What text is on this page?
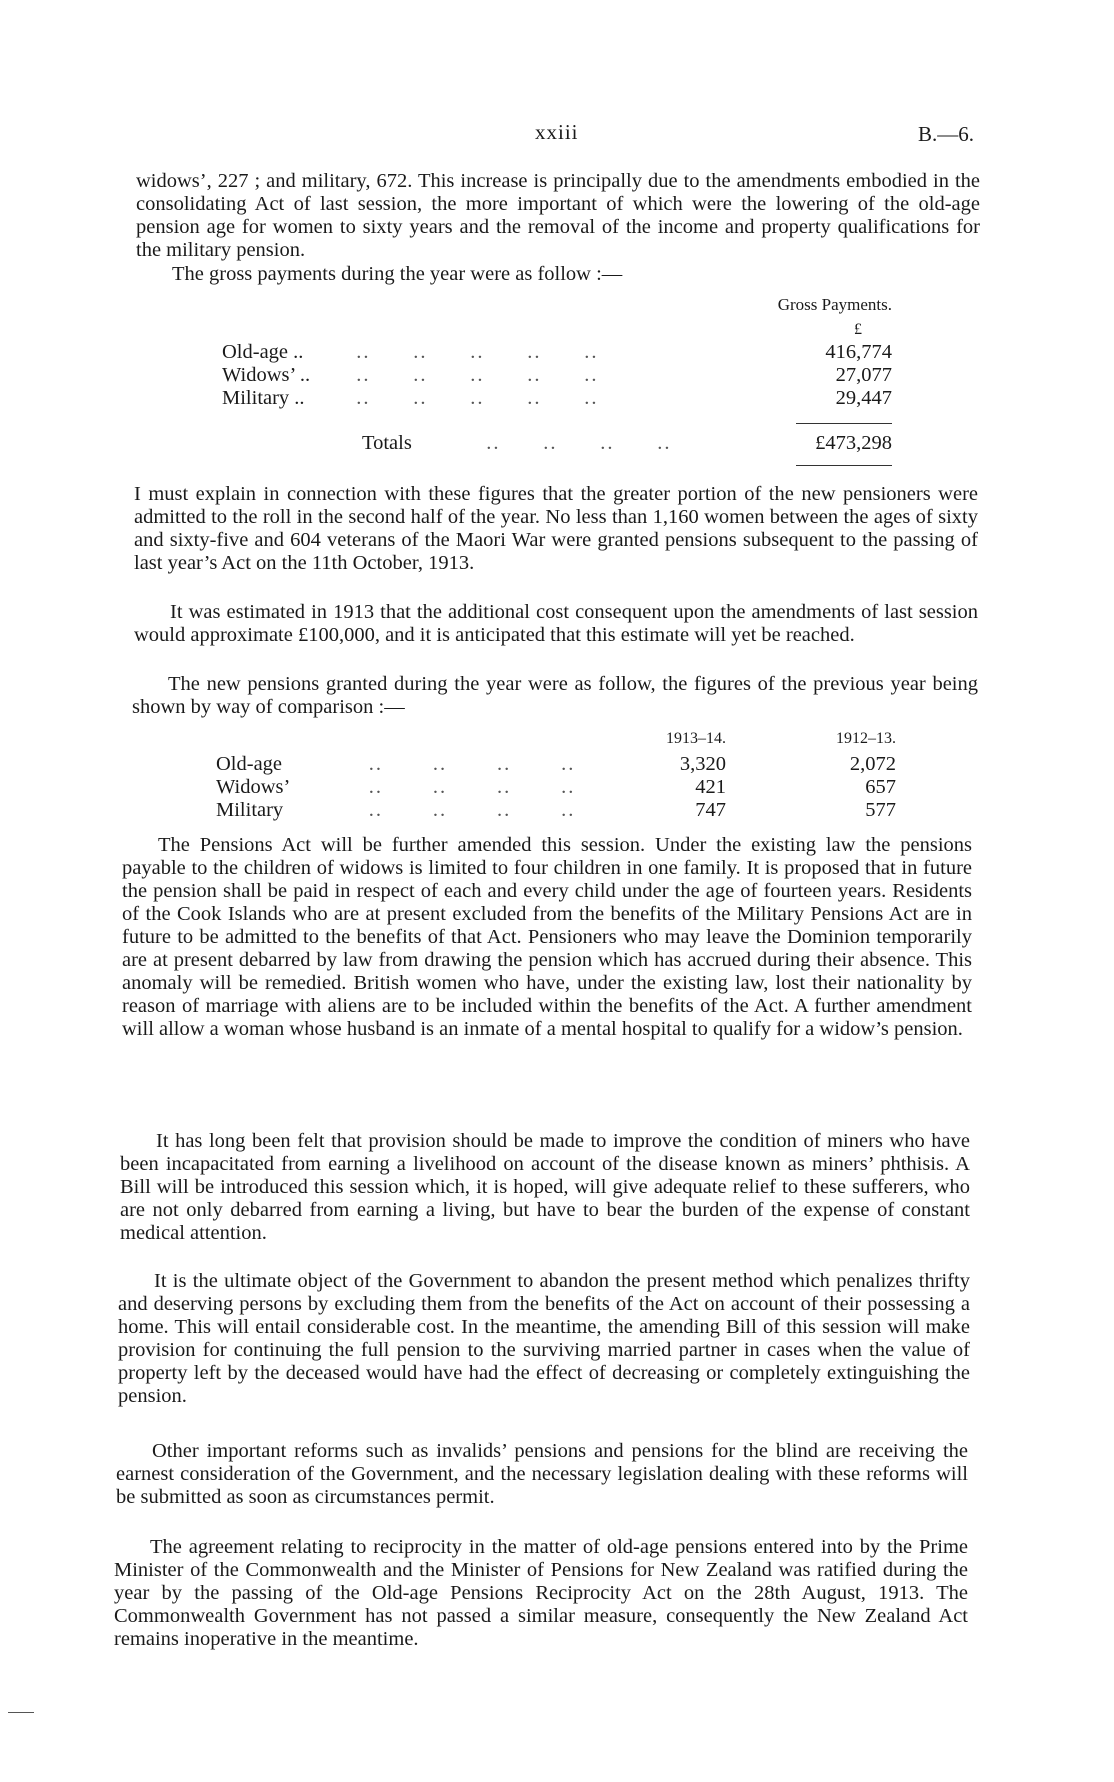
xxiii	B.—6.

widows’, 227 ; and military, 672. This increase is principally due to the amendments embodied in the consolidating Act of last session, the more important of which were the lowering of the old-age pension age for women to sixty years and the removal of the income and property qualifications for the military pension.

The gross payments during the year were as follow :—

Gross Payments.
£
Old-age ..	..      ..      ..      ..      ..	416,774
Widows’ ..	..      ..      ..      ..      ..	27,077
Military ..	..      ..      ..      ..      ..	29,447
	Totals	..      ..      ..      ..	£473,298

I must explain in connection with these figures that the greater portion of the new pensioners were admitted to the roll in the second half of the year. No less than 1,160 women between the ages of sixty and sixty-five and 604 veterans of the Maori War were granted pensions subsequent to the passing of last year’s Act on the 11th October, 1913.

It was estimated in 1913 that the additional cost consequent upon the amendments of last session would approximate £100,000, and it is anticipated that this estimate will yet be reached.

The new pensions granted during the year were as follow, the figures of the previous year being shown by way of comparison :—

		1913–14.	1912–13.
Old-age	..       ..       ..       ..	3,320	2,072
Widows’	..       ..       ..       ..	421	657
Military	..       ..       ..       ..	747	577

The Pensions Act will be further amended this session. Under the existing law the pensions payable to the children of widows is limited to four children in one family. It is proposed that in future the pension shall be paid in respect of each and every child under the age of fourteen years. Residents of the Cook Islands who are at present excluded from the benefits of the Military Pensions Act are in future to be admitted to the benefits of that Act. Pensioners who may leave the Dominion temporarily are at present debarred by law from drawing the pension which has accrued during their absence. This anomaly will be remedied. British women who have, under the existing law, lost their nationality by reason of marriage with aliens are to be included within the benefits of the Act. A further amendment will allow a woman whose husband is an inmate of a mental hospital to qualify for a widow’s pension.

It has long been felt that provision should be made to improve the condition of miners who have been incapacitated from earning a livelihood on account of the disease known as miners’ phthisis. A Bill will be introduced this session which, it is hoped, will give adequate relief to these sufferers, who are not only debarred from earning a living, but have to bear the burden of the expense of constant medical attention.

It is the ultimate object of the Government to abandon the present method which penalizes thrifty and deserving persons by excluding them from the benefits of the Act on account of their possessing a home. This will entail considerable cost. In the meantime, the amending Bill of this session will make provision for continuing the full pension to the surviving married partner in cases when the value of property left by the deceased would have had the effect of decreasing or completely extinguishing the pension.

Other important reforms such as invalids’ pensions and pensions for the blind are receiving the earnest consideration of the Government, and the necessary legislation dealing with these reforms will be submitted as soon as circumstances permit.

The agreement relating to reciprocity in the matter of old-age pensions entered into by the Prime Minister of the Commonwealth and the Minister of Pensions for New Zealand was ratified during the year by the passing of the Old-age Pensions Reciprocity Act on the 28th August, 1913. The Commonwealth Government has not passed a similar measure, consequently the New Zealand Act remains inoperative in the meantime.
